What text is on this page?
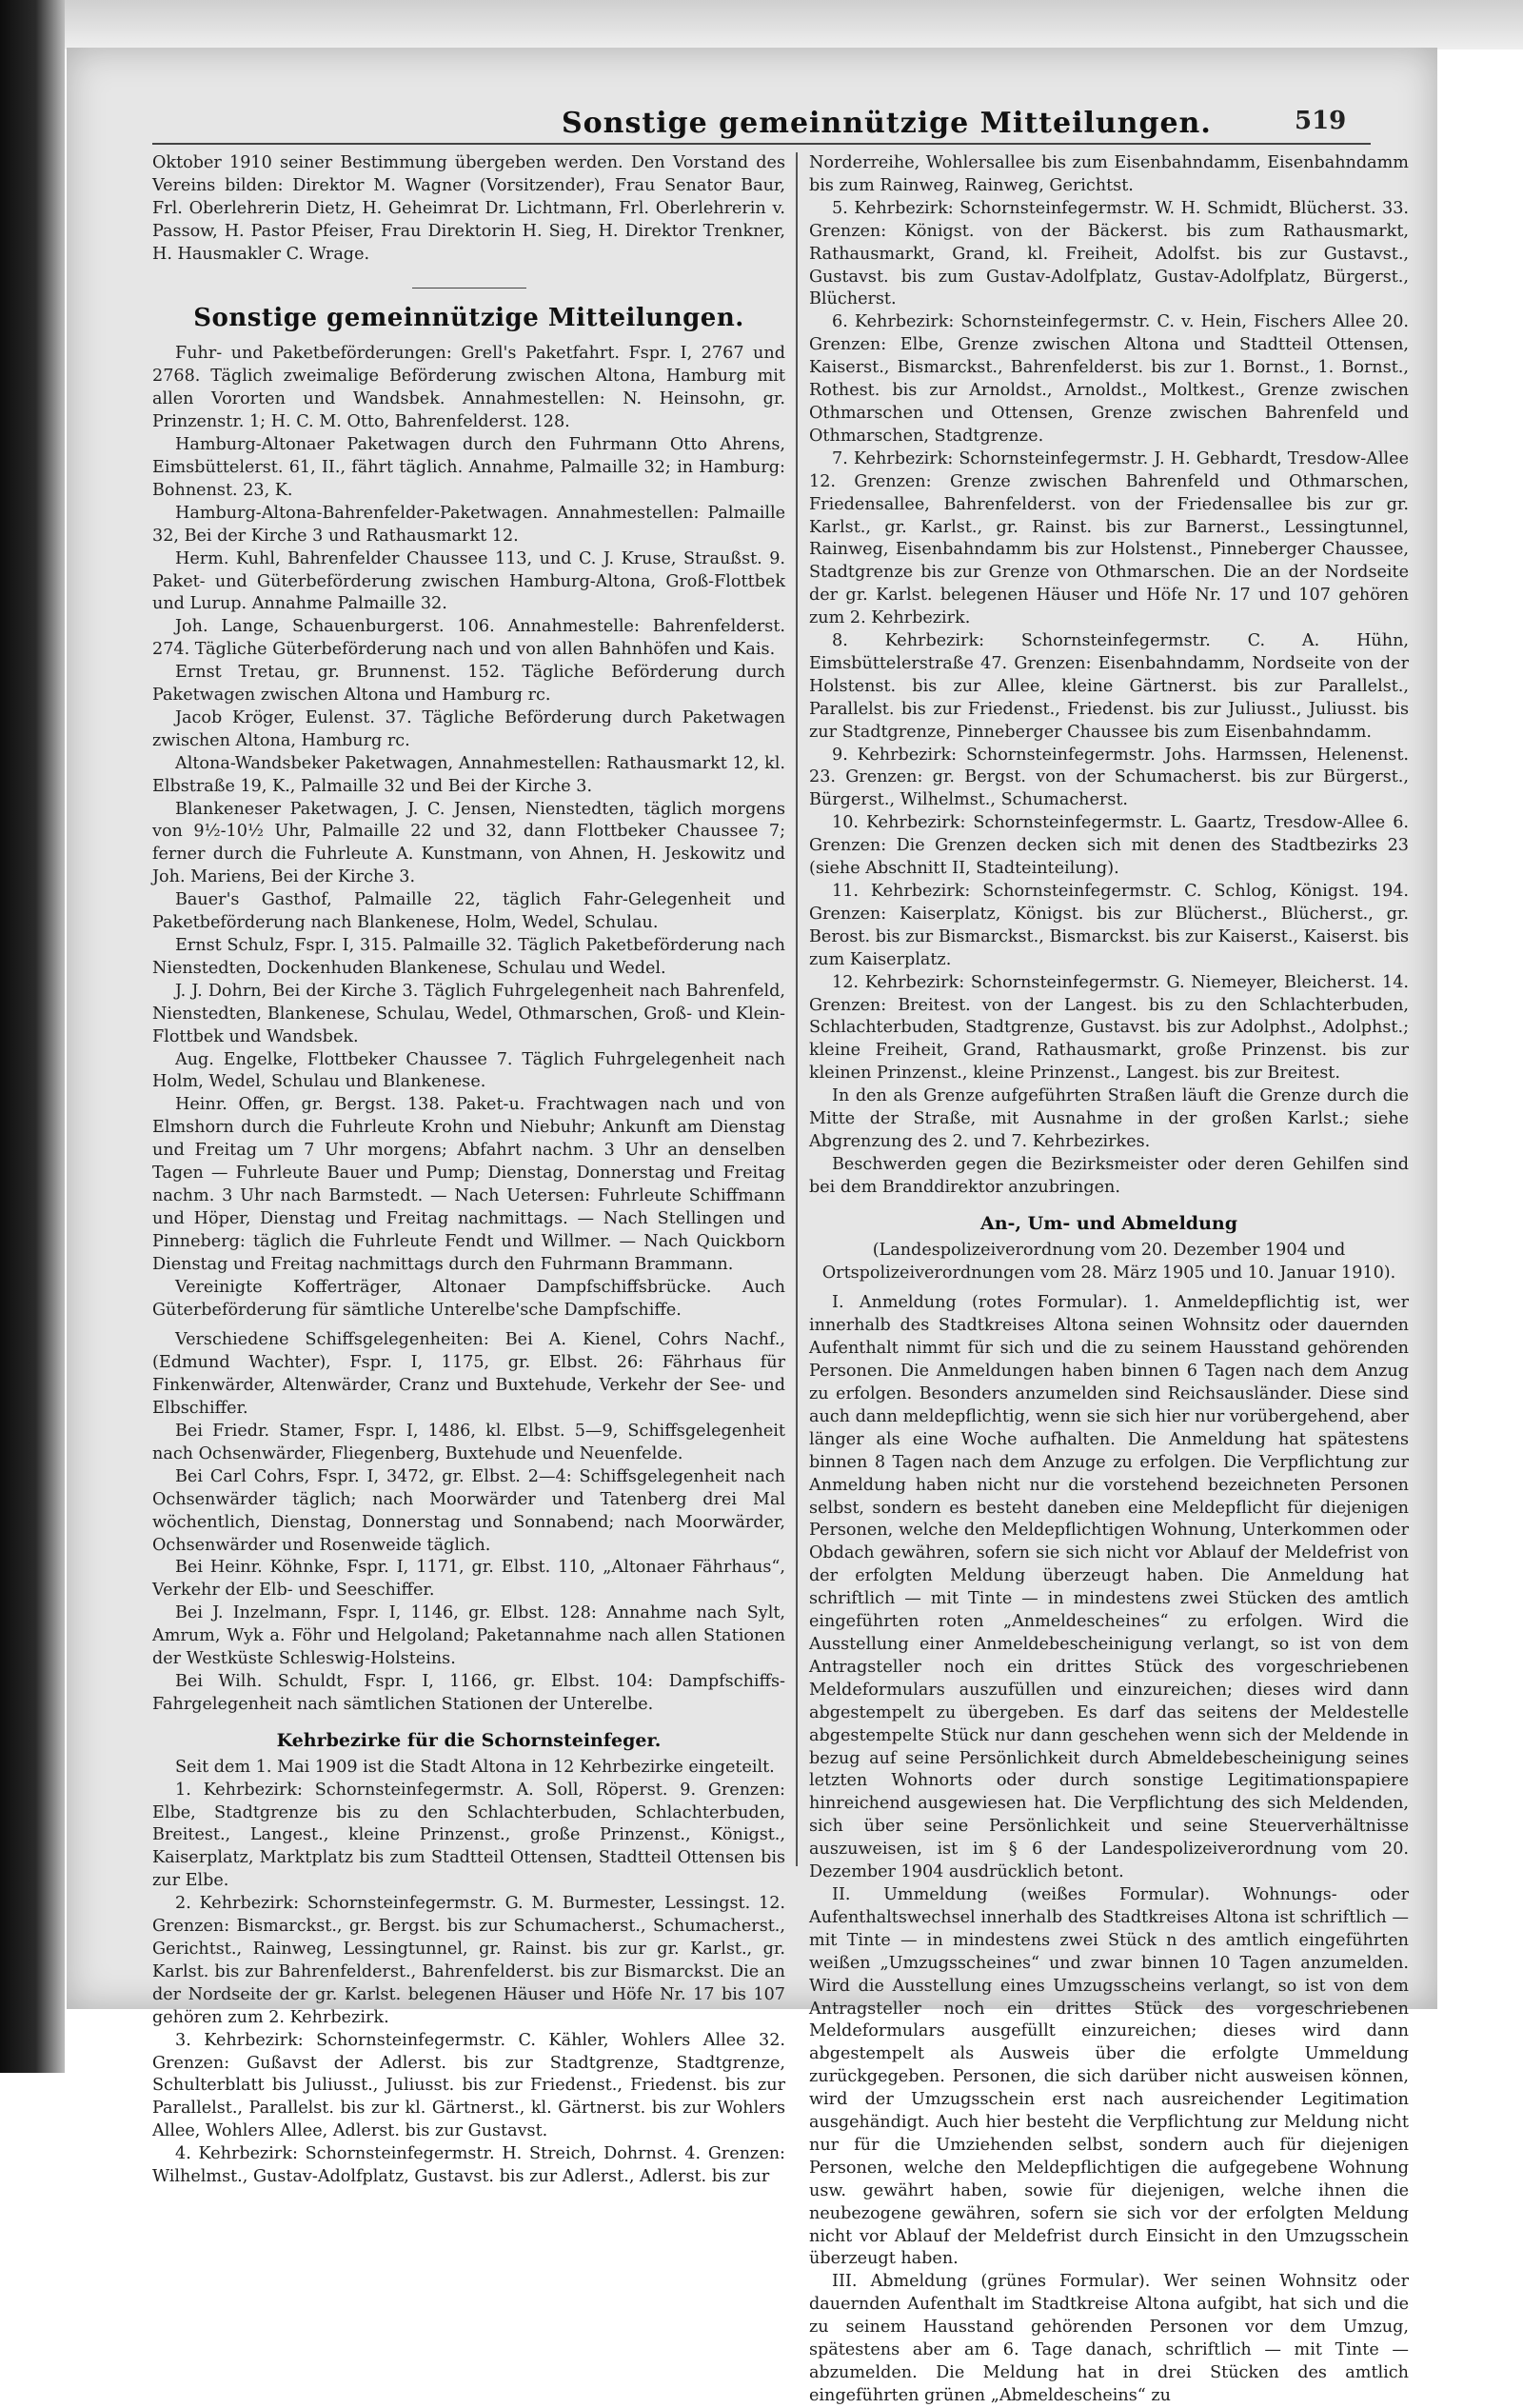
Sonstige gemeinnützige Mitteilungen.	519

Oktober 1910 seiner Bestimmung übergeben werden. Den Vorstand des Vereins bilden: Direktor M. Wagner (Vorsitzender), Frau Senator Baur, Frl. Oberlehrerin Dietz, H. Geheimrat Dr. Lichtmann, Frl. Oberlehrerin v. Passow, H. Pastor Pfeiser, Frau Direktorin H. Sieg, H. Direktor Trenkner, H. Hausmakler C. Wrage.

Sonstige gemeinnützige Mitteilungen.

Fuhr- und Paketbeförderungen: Grell's Paketfahrt. Fspr. I, 2767 und 2768. Täglich zweimalige Beförderung zwischen Altona, Hamburg mit allen Vororten und Wandsbek. Annahmestellen: N. Heinsohn, gr. Prinzenstr. 1; H. C. M. Otto, Bahrenfelderst. 128.

Hamburg-Altonaer Paketwagen durch den Fuhrmann Otto Ahrens, Eimsbüttelerst. 61, II., fährt täglich. Annahme, Palmaille 32; in Hamburg: Bohnenst. 23, K.

Hamburg-Altona-Bahrenfelder-Paketwagen. Annahmestellen: Palmaille 32, Bei der Kirche 3 und Rathausmarkt 12.

Herm. Kuhl, Bahrenfelder Chaussee 113, und C. J. Kruse, Straußst. 9. Paket- und Güterbeförderung zwischen Hamburg-Altona, Groß-Flottbek und Lurup. Annahme Palmaille 32.

Joh. Lange, Schauenburgerst. 106. Annahmestelle: Bahrenfelderst. 274. Tägliche Güterbeförderung nach und von allen Bahnhöfen und Kais.

Ernst Tretau, gr. Brunnenst. 152. Tägliche Beförderung durch Paketwagen zwischen Altona und Hamburg rc.

Jacob Kröger, Eulenst. 37. Tägliche Beförderung durch Paketwagen zwischen Altona, Hamburg rc.

Altona-Wandsbeker Paketwagen, Annahmestellen: Rathausmarkt 12, kl. Elbstraße 19, K., Palmaille 32 und Bei der Kirche 3.

Blankeneser Paketwagen, J. C. Jensen, Nienstedten, täglich morgens von 9½-10½ Uhr, Palmaille 22 und 32, dann Flottbeker Chaussee 7; ferner durch die Fuhrleute A. Kunstmann, von Ahnen, H. Jeskowitz und Joh. Mariens, Bei der Kirche 3.

Bauer's Gasthof, Palmaille 22, täglich Fahr-Gelegenheit und Paketbeförderung nach Blankenese, Holm, Wedel, Schulau.

Ernst Schulz, Fspr. I, 315. Palmaille 32. Täglich Paketbeförderung nach Nienstedten, Dockenhuden Blankenese, Schulau und Wedel.

J. J. Dohrn, Bei der Kirche 3. Täglich Fuhrgelegenheit nach Bahrenfeld, Nienstedten, Blankenese, Schulau, Wedel, Othmarschen, Groß- und Klein-Flottbek und Wandsbek.

Aug. Engelke, Flottbeker Chaussee 7. Täglich Fuhrgelegenheit nach Holm, Wedel, Schulau und Blankenese.

Heinr. Offen, gr. Bergst. 138. Paket-u. Frachtwagen nach und von Elmshorn durch die Fuhrleute Krohn und Niebuhr; Ankunft am Dienstag und Freitag um 7 Uhr morgens; Abfahrt nachm. 3 Uhr an denselben Tagen — Fuhrleute Bauer und Pump; Dienstag, Donnerstag und Freitag nachm. 3 Uhr nach Barmstedt. — Nach Uetersen: Fuhrleute Schiffmann und Höper, Dienstag und Freitag nachmittags. — Nach Stellingen und Pinneberg: täglich die Fuhrleute Fendt und Willmer. — Nach Quickborn Dienstag und Freitag nachmittags durch den Fuhrmann Brammann.

Vereinigte Kofferträger, Altonaer Dampfschiffsbrücke. Auch Güterbeförderung für sämtliche Unterelbe'sche Dampfschiffe.

Verschiedene Schiffsgelegenheiten: Bei A. Kienel, Cohrs Nachf., (Edmund Wachter), Fspr. I, 1175, gr. Elbst. 26: Fährhaus für Finkenwärder, Altenwärder, Cranz und Buxtehude, Verkehr der See- und Elbschiffer.

Bei Friedr. Stamer, Fspr. I, 1486, kl. Elbst. 5—9, Schiffsgelegenheit nach Ochsenwärder, Fliegenberg, Buxtehude und Neuenfelde.

Bei Carl Cohrs, Fspr. I, 3472, gr. Elbst. 2—4: Schiffsgelegenheit nach Ochsenwärder täglich; nach Moorwärder und Tatenberg drei Mal wöchentlich, Dienstag, Donnerstag und Sonnabend; nach Moorwärder, Ochsenwärder und Rosenweide täglich.

Bei Heinr. Köhnke, Fspr. I, 1171, gr. Elbst. 110, „Altonaer Fährhaus“, Verkehr der Elb- und Seeschiffer.

Bei J. Inzelmann, Fspr. I, 1146, gr. Elbst. 128: Annahme nach Sylt, Amrum, Wyk a. Föhr und Helgoland; Paketannahme nach allen Stationen der Westküste Schleswig-Holsteins.

Bei Wilh. Schuldt, Fspr. I, 1166, gr. Elbst. 104: Dampfschiffs-Fahrgelegenheit nach sämtlichen Stationen der Unterelbe.

Kehrbezirke für die Schornsteinfeger.

Seit dem 1. Mai 1909 ist die Stadt Altona in 12 Kehrbezirke eingeteilt.

1. Kehrbezirk: Schornsteinfegermstr. A. Soll, Röperst. 9. Grenzen: Elbe, Stadtgrenze bis zu den Schlachterbuden, Schlachterbuden, Breitest., Langest., kleine Prinzenst., große Prinzenst., Königst., Kaiserplatz, Marktplatz bis zum Stadtteil Ottensen, Stadtteil Ottensen bis zur Elbe.

2. Kehrbezirk: Schornsteinfegermstr. G. M. Burmester, Lessingst. 12. Grenzen: Bismarckst., gr. Bergst. bis zur Schumacherst., Schumacherst., Gerichtst., Rainweg, Lessingtunnel, gr. Rainst. bis zur gr. Karlst., gr. Karlst. bis zur Bahrenfelderst., Bahrenfelderst. bis zur Bismarckst. Die an der Nordseite der gr. Karlst. belegenen Häuser und Höfe Nr. 17 bis 107 gehören zum 2. Kehrbezirk.

3. Kehrbezirk: Schornsteinfegermstr. C. Kähler, Wohlers Allee 32. Grenzen: Gußavst der Adlerst. bis zur Stadtgrenze, Stadtgrenze, Schulterblatt bis Juliusst., Juliusst. bis zur Friedenst., Friedenst. bis zur Parallelst., Parallelst. bis zur kl. Gärtnerst., kl. Gärtnerst. bis zur Wohlers Allee, Wohlers Allee, Adlerst. bis zur Gustavst.

4. Kehrbezirk: Schornsteinfegermstr. H. Streich, Dohrnst. 4. Grenzen: Wilhelmst., Gustav-Adolfplatz, Gustavst. bis zur Adlerst., Adlerst. bis zur

Norderreihe, Wohlersallee bis zum Eisenbahndamm, Eisenbahndamm bis zum Rainweg, Rainweg, Gerichtst.

5. Kehrbezirk: Schornsteinfegermstr. W. H. Schmidt, Blücherst. 33. Grenzen: Königst. von der Bäckerst. bis zum Rathausmarkt, Rathausmarkt, Grand, kl. Freiheit, Adolfst. bis zur Gustavst., Gustavst. bis zum Gustav-Adolfplatz, Gustav-Adolfplatz, Bürgerst., Blücherst.

6. Kehrbezirk: Schornsteinfegermstr. C. v. Hein, Fischers Allee 20. Grenzen: Elbe, Grenze zwischen Altona und Stadtteil Ottensen, Kaiserst., Bismarckst., Bahrenfelderst. bis zur 1. Bornst., 1. Bornst., Rothest. bis zur Arnoldst., Arnoldst., Moltkest., Grenze zwischen Othmarschen und Ottensen, Grenze zwischen Bahrenfeld und Othmarschen, Stadtgrenze.

7. Kehrbezirk: Schornsteinfegermstr. J. H. Gebhardt, Tresdow-Allee 12. Grenzen: Grenze zwischen Bahrenfeld und Othmarschen, Friedensallee, Bahrenfelderst. von der Friedensallee bis zur gr. Karlst., gr. Karlst., gr. Rainst. bis zur Barnerst., Lessingtunnel, Rainweg, Eisenbahndamm bis zur Holstenst., Pinneberger Chaussee, Stadtgrenze bis zur Grenze von Othmarschen. Die an der Nordseite der gr. Karlst. belegenen Häuser und Höfe Nr. 17 und 107 gehören zum 2. Kehrbezirk.

8. Kehrbezirk: Schornsteinfegermstr. C. A. Hühn, Eimsbüttelerstraße 47. Grenzen: Eisenbahndamm, Nordseite von der Holstenst. bis zur Allee, kleine Gärtnerst. bis zur Parallelst., Parallelst. bis zur Friedenst., Friedenst. bis zur Juliusst., Juliusst. bis zur Stadtgrenze, Pinneberger Chaussee bis zum Eisenbahndamm.

9. Kehrbezirk: Schornsteinfegermstr. Johs. Harmssen, Helenenst. 23. Grenzen: gr. Bergst. von der Schumacherst. bis zur Bürgerst., Bürgerst., Wilhelmst., Schumacherst.

10. Kehrbezirk: Schornsteinfegermstr. L. Gaartz, Tresdow-Allee 6. Grenzen: Die Grenzen decken sich mit denen des Stadtbezirks 23 (siehe Abschnitt II, Stadteinteilung).

11. Kehrbezirk: Schornsteinfegermstr. C. Schlog, Königst. 194. Grenzen: Kaiserplatz, Königst. bis zur Blücherst., Blücherst., gr. Berost. bis zur Bismarckst., Bismarckst. bis zur Kaiserst., Kaiserst. bis zum Kaiserplatz.

12. Kehrbezirk: Schornsteinfegermstr. G. Niemeyer, Bleicherst. 14. Grenzen: Breitest. von der Langest. bis zu den Schlachterbuden, Schlachterbuden, Stadtgrenze, Gustavst. bis zur Adolphst., Adolphst.; kleine Freiheit, Grand, Rathausmarkt, große Prinzenst. bis zur kleinen Prinzenst., kleine Prinzenst., Langest. bis zur Breitest.

In den als Grenze aufgeführten Straßen läuft die Grenze durch die Mitte der Straße, mit Ausnahme in der großen Karlst.; siehe Abgrenzung des 2. und 7. Kehrbezirkes.

Beschwerden gegen die Bezirksmeister oder deren Gehilfen sind bei dem Branddirektor anzubringen.

An-, Um- und Abmeldung
(Landespolizeiverordnung vom 20. Dezember 1904 und Ortspolizeiverordnungen vom 28. März 1905 und 10. Januar 1910).

I. Anmeldung (rotes Formular). 1. Anmeldepflichtig ist, wer innerhalb des Stadtkreises Altona seinen Wohnsitz oder dauernden Aufenthalt nimmt für sich und die zu seinem Hausstand gehörenden Personen. Die Anmeldungen haben binnen 6 Tagen nach dem Anzug zu erfolgen. Besonders anzumelden sind Reichsausländer. Diese sind auch dann meldepflichtig, wenn sie sich hier nur vorübergehend, aber länger als eine Woche aufhalten. Die Anmeldung hat spätestens binnen 8 Tagen nach dem Anzuge zu erfolgen. Die Verpflichtung zur Anmeldung haben nicht nur die vorstehend bezeichneten Personen selbst, sondern es besteht daneben eine Meldepflicht für diejenigen Personen, welche den Meldepflichtigen Wohnung, Unterkommen oder Obdach gewähren, sofern sie sich nicht vor Ablauf der Meldefrist von der erfolgten Meldung überzeugt haben. Die Anmeldung hat schriftlich — mit Tinte — in mindestens zwei Stücken des amtlich eingeführten roten „Anmeldescheines“ zu erfolgen. Wird die Ausstellung einer Anmeldebescheinigung verlangt, so ist von dem Antragsteller noch ein drittes Stück des vorgeschriebenen Meldeformulars auszufüllen und einzureichen; dieses wird dann abgestempelt zu übergeben. Es darf das seitens der Meldestelle abgestempelte Stück nur dann geschehen wenn sich der Meldende in bezug auf seine Persönlichkeit durch Abmeldebescheinigung seines letzten Wohnorts oder durch sonstige Legitimationspapiere hinreichend ausgewiesen hat. Die Verpflichtung des sich Meldenden, sich über seine Persönlichkeit und seine Steuerverhältnisse auszuweisen, ist im § 6 der Landespolizeiverordnung vom 20. Dezember 1904 ausdrücklich betont.

II. Ummeldung (weißes Formular). Wohnungs- oder Aufenthaltswechsel innerhalb des Stadtkreises Altona ist schriftlich — mit Tinte — in mindestens zwei Stück n des amtlich eingeführten weißen „Umzugsscheines“ und zwar binnen 10 Tagen anzumelden. Wird die Ausstellung eines Umzugsscheins verlangt, so ist von dem Antragsteller noch ein drittes Stück des vorgeschriebenen Meldeformulars ausgefüllt einzureichen; dieses wird dann abgestempelt als Ausweis über die erfolgte Ummeldung zurückgegeben. Personen, die sich darüber nicht ausweisen können, wird der Umzugsschein erst nach ausreichender Legitimation ausgehändigt. Auch hier besteht die Verpflichtung zur Meldung nicht nur für die Umziehenden selbst, sondern auch für diejenigen Personen, welche den Meldepflichtigen die aufgegebene Wohnung usw. gewährt haben, sowie für diejenigen, welche ihnen die neubezogene gewähren, sofern sie sich vor der erfolgten Meldung nicht vor Ablauf der Meldefrist durch Einsicht in den Umzugsschein überzeugt haben.

III. Abmeldung (grünes Formular). Wer seinen Wohnsitz oder dauernden Aufenthalt im Stadtkreise Altona aufgibt, hat sich und die zu seinem Hausstand gehörenden Personen vor dem Umzug, spätestens aber am 6. Tage danach, schriftlich — mit Tinte — abzumelden. Die Meldung hat in drei Stücken des amtlich eingeführten grünen „Abmeldescheins“ zu
